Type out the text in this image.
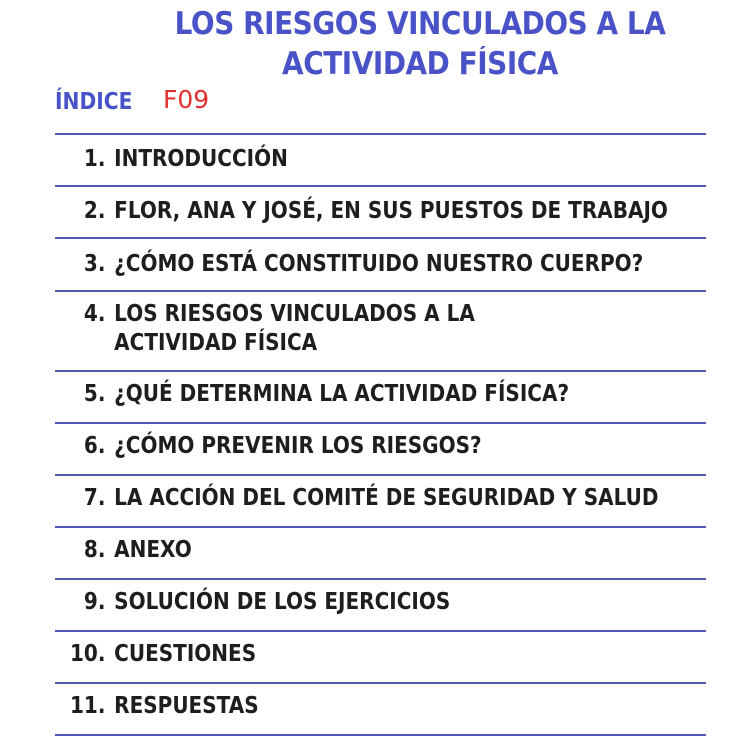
LOS RIESGOS VINCULADOS A LA
ACTIVIDAD FÍSICA
ÍNDICE F09
1. INTRODUCCIÓN
2. FLOR, ANA Y JOSÉ, EN SUS PUESTOS DE TRABAJO
3. ¿CÓMO ESTÁ CONSTITUIDO NUESTRO CUERPO?
4. LOS RIESGOS VINCULADOS A LA
ACTIVIDAD FÍSICA
5. ¿QUÉ DETERMINA LA ACTIVIDAD FÍSICA?
6. ¿CÓMO PREVENIR LOS RIESGOS?
7. LA ACCIÓN DEL COMITÉ DE SEGURIDAD Y SALUD
8. ANEXO
9. SOLUCIÓN DE LOS EJERCICIOS
10. CUESTIONES
11. RESPUESTAS
